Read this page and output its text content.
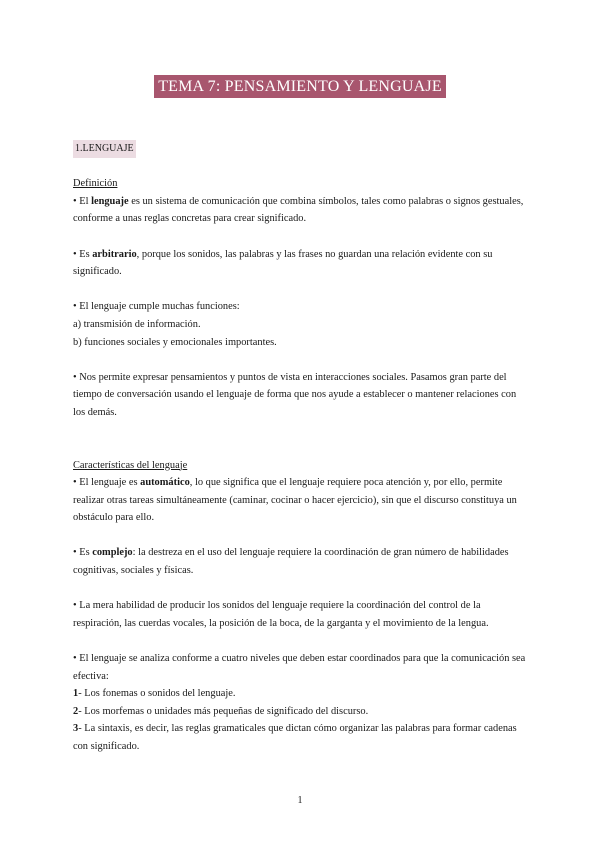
TEMA 7: PENSAMIENTO Y LENGUAJE
1.LENGUAJE

Definición

• El lenguaje es un sistema de comunicación que combina símbolos, tales como palabras o signos gestuales, conforme a unas reglas concretas para crear significado.

• Es arbitrario, porque los sonidos, las palabras y las frases no guardan una relación evidente con su significado.

• El lenguaje cumple muchas funciones:

a) transmisión de información.

b) funciones sociales y emocionales importantes.

• Nos permite expresar pensamientos y puntos de vista en interacciones sociales. Pasamos gran parte del tiempo de conversación usando el lenguaje de forma que nos ayude a establecer o mantener relaciones con los demás.

Características del lenguaje

• El lenguaje es automático, lo que significa que el lenguaje requiere poca atención y, por ello, permite realizar otras tareas simultáneamente (caminar, cocinar o hacer ejercicio), sin que el discurso constituya un obstáculo para ello.

• Es complejo: la destreza en el uso del lenguaje requiere la coordinación de gran número de habilidades cognitivas, sociales y físicas.

• La mera habilidad de producir los sonidos del lenguaje requiere la coordinación del control de la respiración, las cuerdas vocales, la posición de la boca, de la garganta y el movimiento de la lengua.

• El lenguaje se analiza conforme a cuatro niveles que deben estar coordinados para que la comunicación sea efectiva:

1- Los fonemas o sonidos del lenguaje.

2- Los morfemas o unidades más pequeñas de significado del discurso.

3- La sintaxis, es decir, las reglas gramaticales que dictan cómo organizar las palabras para formar cadenas con significado.

1
